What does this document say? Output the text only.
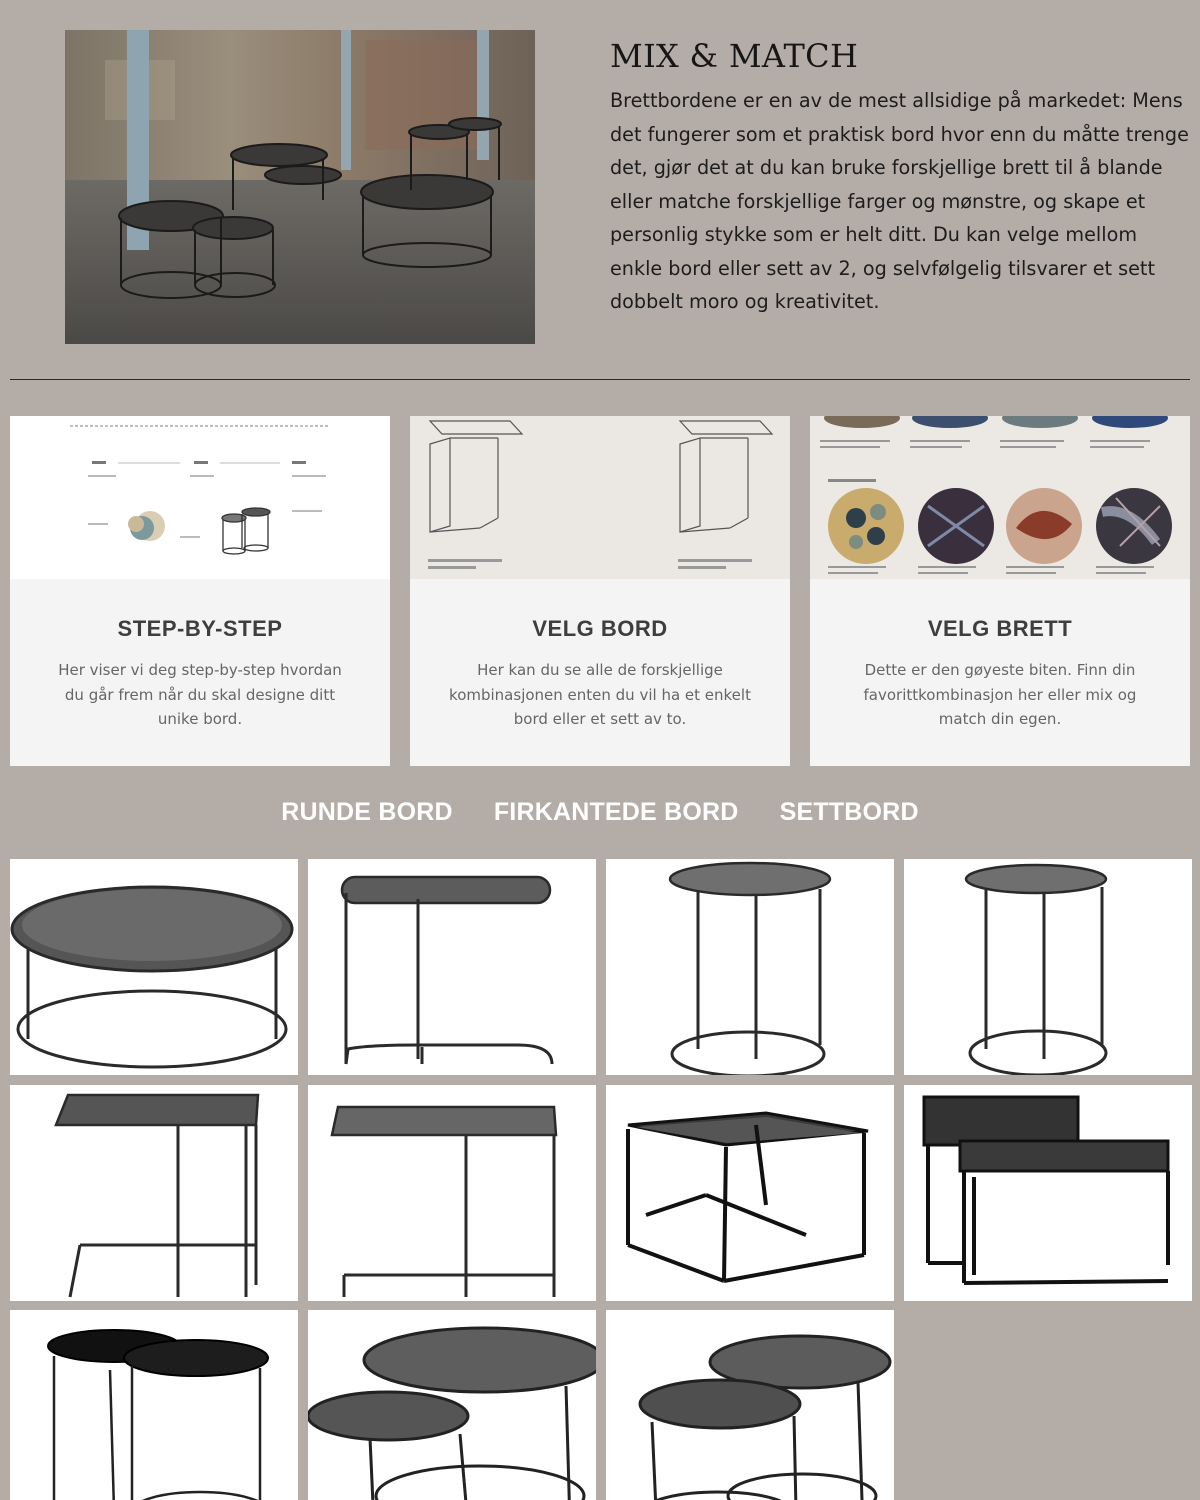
MIX & MATCH

Brettbordene er en av de mest allsidige på markedet: Mens det fungerer som et praktisk bord hvor enn du måtte trenge det, gjør det at du kan bruke forskjellige brett til å blande eller matche forskjellige farger og mønstre, og skape et personlig stykke som er helt ditt. Du kan velge mellom enkle bord eller sett av 2, og selvfølgelig tilsvarer et sett dobbelt moro og kreativitet.

STEP-BY-STEP

Her viser vi deg step-by-step hvordan du går frem når du skal designe ditt unike bord.

VELG BORD

Her kan du se alle de forskjellige kombinasjonen enten du vil ha et enkelt bord eller et sett av to.

VELG BRETT

Dette er den gøyeste biten. Finn din favorittkombinasjon her eller mix og match din egen.

RUNDE BORD FIRKANTEDE BORD SETTBORD
